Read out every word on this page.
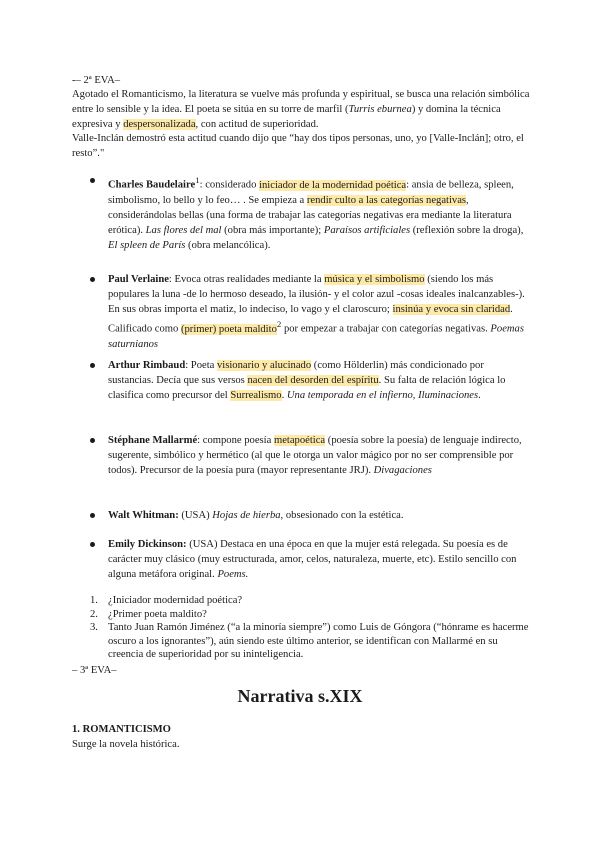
-– 2ª EVA–
Agotado el Romanticismo, la literatura se vuelve más profunda y espiritual, se busca una relación simbólica entre lo sensible y la idea. El poeta se sitúa en su torre de marfil (Turris eburnea) y domina la técnica expresiva y despersonalizada, con actitud de superioridad.
Valle-Inclán demostró esta actitud cuando dijo que “hay dos tipos personas, uno, yo [Valle-Inclán]; otro, el resto”."
Charles Baudelaire$^1$: considerado iniciador de la modernidad poética: ansia de belleza, spleen, simbolismo, lo bello y lo feo… . Se empieza a rendir culto a las categorías negativas, considerándolas bellas (una forma de trabajar las categorías negativas era mediante la literatura erótica). Las flores del mal (obra más importante); Paraísos artificiales (reflexión sobre la droga), El spleen de París (obra melancólica).
Paul Verlaine: Evoca otras realidades mediante la música y el simbolismo (siendo los más populares la luna -de lo hermoso deseado, la ilusión- y el color azul -cosas ideales inalcanzables-). En sus obras importa el matiz, lo indeciso, lo vago y el claroscuro; insinúa y evoca sin claridad. Calificado como (primer) poeta maldito$^2$ por empezar a trabajar con categorías negativas. Poemas saturnianos
Arthur Rimbaud: Poeta visionario y alucinado (como Hölderlin) más condicionado por sustancias. Decía que sus versos nacen del desorden del espíritu. Su falta de relación lógica lo clasifica como precursor del Surrealismo. Una temporada en el infierno, Iluminaciones.
Stéphane Mallarmé: compone poesía metapoética (poesía sobre la poesía) de lenguaje indirecto, sugerente, simbólico y hermético (al que le otorga un valor mágico por no ser comprensible por todos). Precursor de la poesía pura (mayor representante JRJ). Divagaciones
Walt Whitman: (USA) Hojas de hierba, obsesionado con la estética.
Emily Dickinson: (USA) Destaca en una época en que la mujer está relegada. Su poesía es de carácter muy clásico (muy estructurada, amor, celos, naturaleza, muerte, etc). Estilo sencillo con alguna metáfora original. Poems.
1. ¿Iniciador modernidad poética?
2. ¿Primer poeta maldito?
3. Tanto Juan Ramón Jiménez (“a la minoría siempre”) como Luis de Góngora (“hónrame es hacerme oscuro a los ignorantes”), aún siendo este último anterior, se identifican con Mallarmé en su creencia de superioridad por su ininteligencia.
– 3ª EVA–
Narrativa s.XIX
1. ROMANTICISMO
Surge la novela histórica.
